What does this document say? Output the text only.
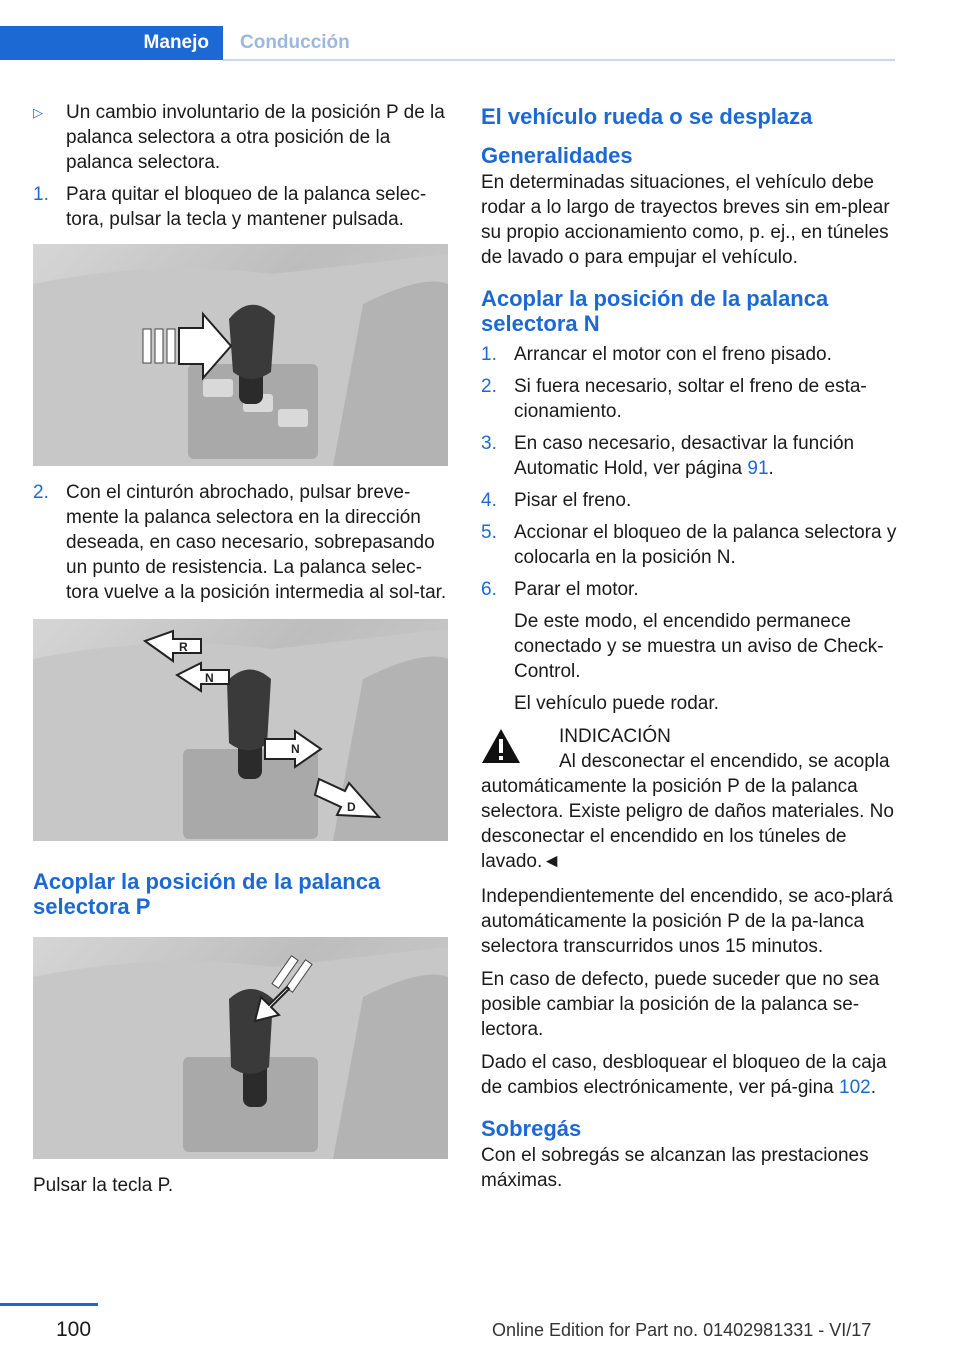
Manejo	Conducción
▷ Un cambio involuntario de la posición P de la palanca selectora a otra posición de la palanca selectora.
1. Para quitar el bloqueo de la palanca selec-tora, pulsar la tecla y mantener pulsada.
2. Con el cinturón abrochado, pulsar breve-mente la palanca selectora en la dirección deseada, en caso necesario, sobrepasando un punto de resistencia. La palanca selec-tora vuelve a la posición intermedia al sol-tar.
R
N
N
D
Acoplar la posición de la palanca selectora P

Pulsar la tecla P.

El vehículo rueda o se desplaza
Generalidades

En determinadas situaciones, el vehículo debe rodar a lo largo de trayectos breves sin em-plear su propio accionamiento como, p. ej., en túneles de lavado o para empujar el vehículo.

Acoplar la posición de la palanca selectora N
1. Arrancar el motor con el freno pisado.
2. Si fuera necesario, soltar el freno de esta-cionamiento.
3. En caso necesario, desactivar la función Automatic Hold, ver página 91.
4. Pisar el freno.
5. Accionar el bloqueo de la palanca selectora y colocarla en la posición N.
6. Parar el motor.

De este modo, el encendido permanece conectado y se muestra un aviso de Check-Control.

El vehículo puede rodar.

INDICACIÓN

Al desconectar el encendido, se acopla

automáticamente la posición P de la palanca selectora. Existe peligro de daños materiales. No desconectar el encendido en los túneles de lavado.◄

Independientemente del encendido, se aco-plará automáticamente la posición P de la pa-lanca selectora transcurridos unos 15 minutos.

En caso de defecto, puede suceder que no sea posible cambiar la posición de la palanca se-lectora.

Dado el caso, desbloquear el bloqueo de la caja de cambios electrónicamente, ver pá-gina 102.

Sobregás

Con el sobregás se alcanzan las prestaciones máximas.

100	Online Edition for Part no. 01402981331 - VI/17
